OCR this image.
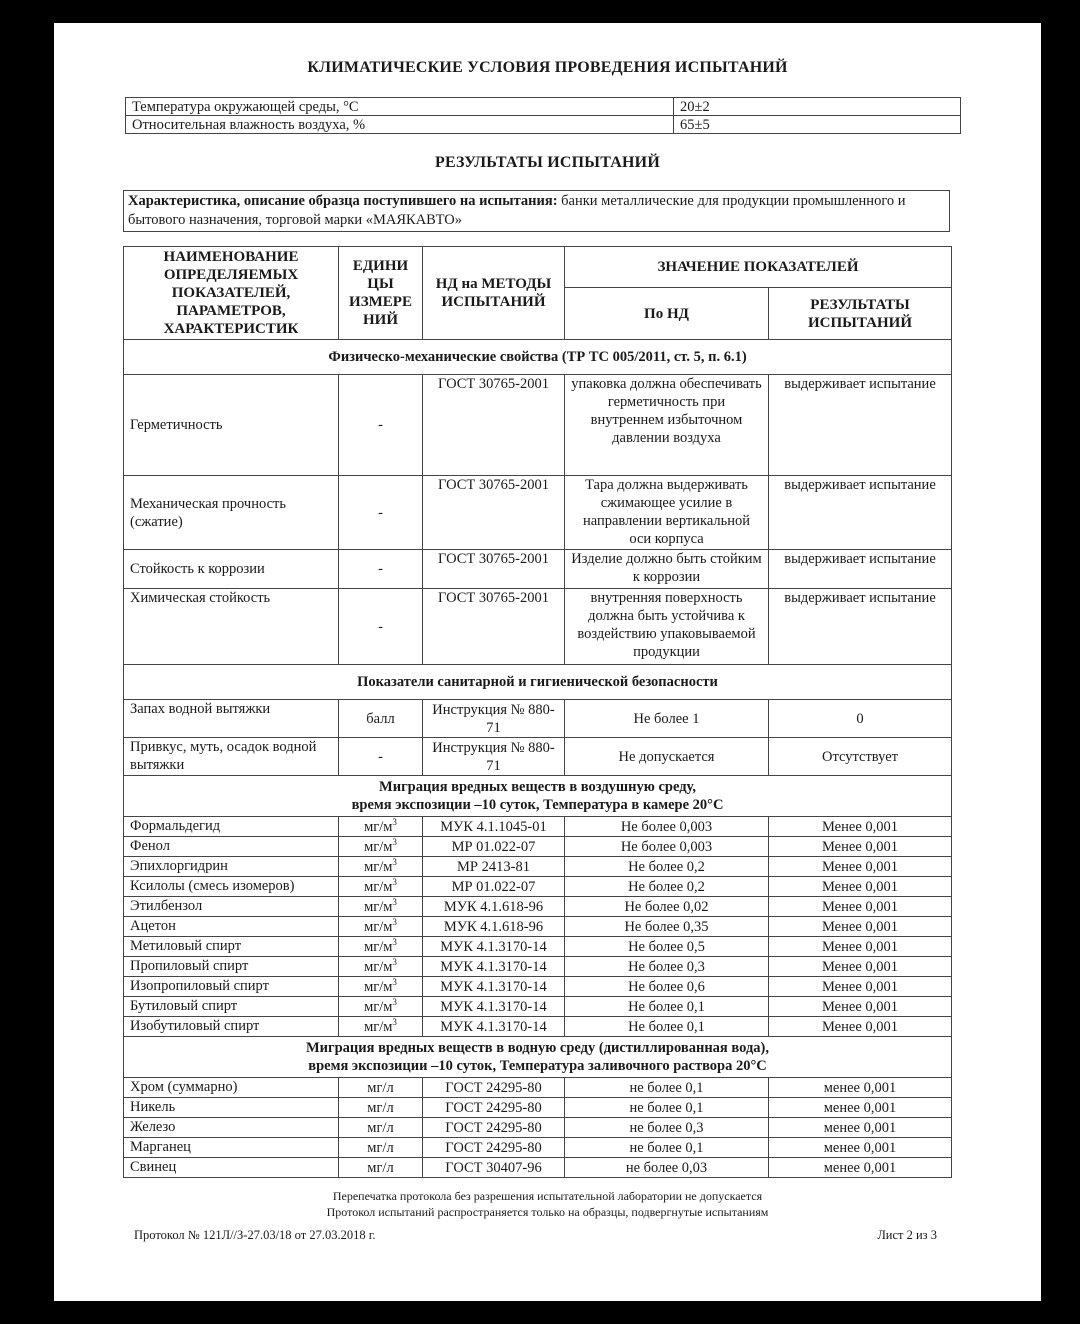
КЛИМАТИЧЕСКИЕ УСЛОВИЯ ПРОВЕДЕНИЯ ИСПЫТАНИЙ
Температура окружающей среды, °С	20±2
Относительная влажность воздуха, %	65±5
РЕЗУЛЬТАТЫ ИСПЫТАНИЙ
Характеристика, описание образца поступившего на испытания: банки металлические для продукции промышленного и бытового назначения, торговой марки «МАЯКАВТО»
НАИМЕНОВАНИЕ ОПРЕДЕЛЯЕМЫХ ПОКАЗАТЕЛЕЙ, ПАРАМЕТРОВ, ХАРАКТЕРИСТИК	ЕДИНИ ЦЫ ИЗМЕРЕ НИЙ	НД на МЕТОДЫ ИСПЫТАНИЙ	ЗНАЧЕНИЕ ПОКАЗАТЕЛЕЙ	
			По НД	РЕЗУЛЬТАТЫ ИСПЫТАНИЙ
Физическо-механические свойства (ТР ТС 005/2011, ст. 5, п. 6.1)				
Герметичность	-	ГОСТ 30765-2001	упаковка должна обеспечивать герметичность при внутреннем избыточном давлении воздуха	выдерживает испытание
Механическая прочность (сжатие)	-	ГОСТ 30765-2001	Тара должна выдерживать сжимающее усилие в направлении вертикальной оси корпуса	выдерживает испытание
Стойкость к коррозии	-	ГОСТ 30765-2001	Изделие должно быть стойким к коррозии	выдерживает испытание
Химическая стойкость	-	ГОСТ 30765-2001	внутренняя поверхность должна быть устойчива к воздействию упаковываемой продукции	выдерживает испытание
Показатели санитарной и гигиенической безопасности				
Запах водной вытяжки	балл	Инструкция № 880-71	Не более 1	0
Привкус, муть, осадок водной вытяжки	-	Инструкция № 880-71	Не допускается	Отсутствует

Миграция вредных веществ в воздушную среду,
время экспозиции –10 суток, Температура в камере 20°С				

Формальдегид	$мг/м^3$	МУК 4.1.1045-01	Не более 0,003	Менее 0,001
Фенол	$мг/м^3$	МР 01.022-07	Не более 0,003	Менее 0,001
Эпихлоргидрин	$мг/м^3$	МР 2413-81	Не более 0,2	Менее 0,001
Ксилолы (смесь изомеров)	$мг/м^3$	МР 01.022-07	Не более 0,2	Менее 0,001
Этилбензол	$мг/м^3$	МУК 4.1.618-96	Не более 0,02	Менее 0,001
Ацетон	$мг/м^3$	МУК 4.1.618-96	Не более 0,35	Менее 0,001
Метиловый спирт	$мг/м^3$	МУК 4.1.3170-14	Не более 0,5	Менее 0,001
Пропиловый спирт	$мг/м^3$	МУК 4.1.3170-14	Не более 0,3	Менее 0,001
Изопропиловый спирт	$мг/м^3$	МУК 4.1.3170-14	Не более 0,6	Менее 0,001
Бутиловый спирт	$мг/м^3$	МУК 4.1.3170-14	Не более 0,1	Менее 0,001
Изобутиловый спирт	$мг/м^3$	МУК 4.1.3170-14	Не более 0,1	Менее 0,001

Миграция вредных веществ в водную среду (дистиллированная вода),
время экспозиции –10 суток, Температура заливочного раствора 20°С				

Хром (суммарно)	мг/л	ГОСТ 24295-80	не более 0,1	менее 0,001
Никель	мг/л	ГОСТ 24295-80	не более 0,1	менее 0,001
Железо	мг/л	ГОСТ 24295-80	не более 0,3	менее 0,001
Марганец	мг/л	ГОСТ 24295-80	не более 0,1	менее 0,001
Свинец	мг/л	ГОСТ 30407-96	не более 0,03	менее 0,001
Перепечатка протокола без разрешения испытательной лаборатории не допускается
Протокол испытаний распространяется только на образцы, подвергнутые испытаниям
Протокол № 121Л//З-27.03/18 от 27.03.2018 г.	Лист 2 из 3
